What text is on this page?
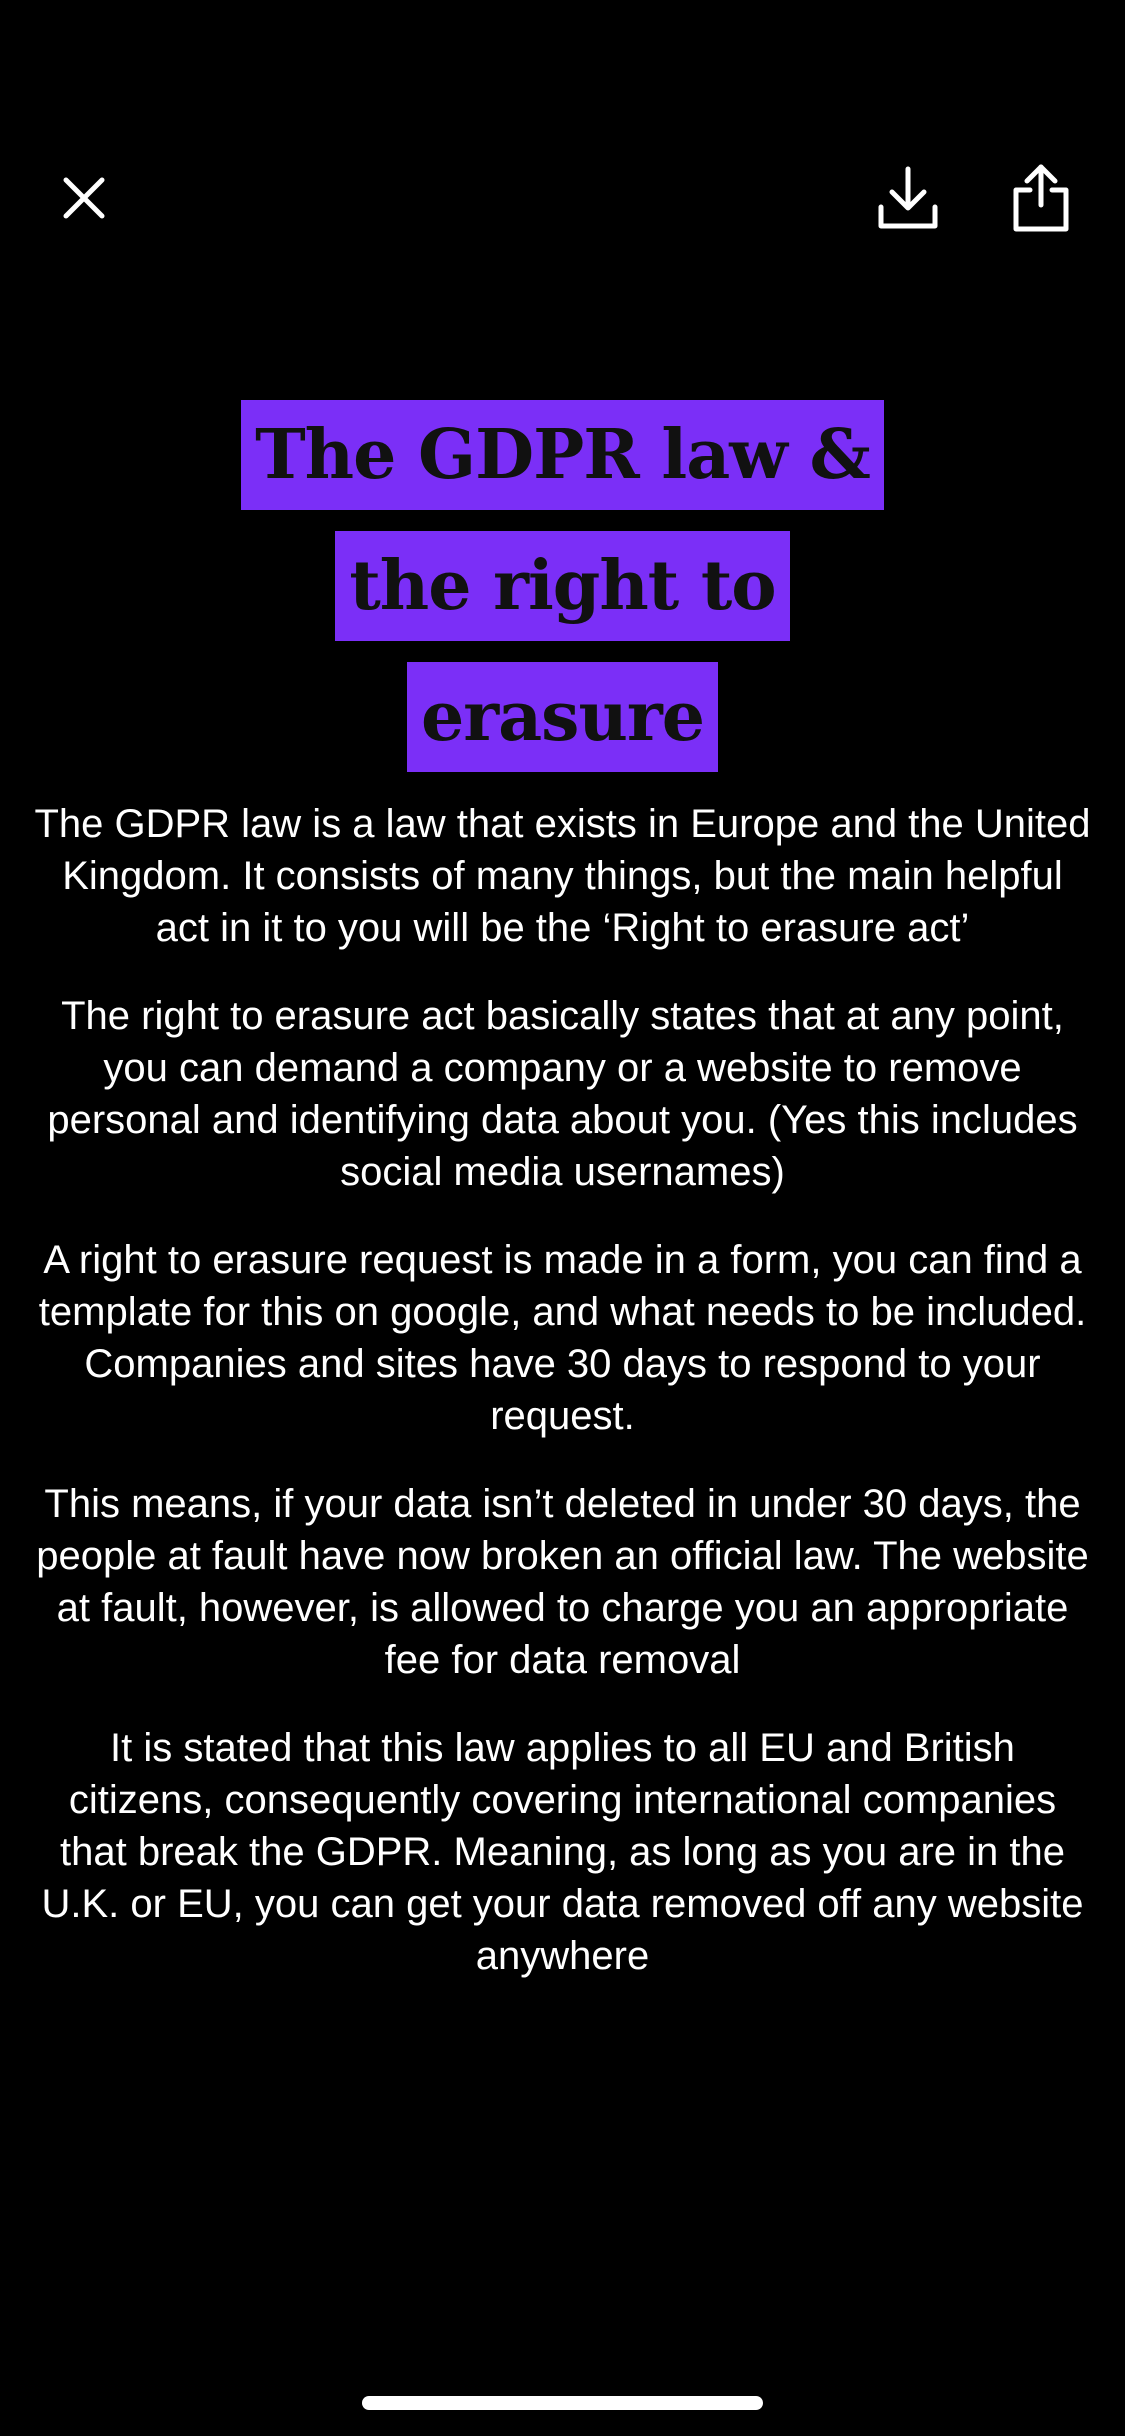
The GDPR law &
the right to
erasure

The GDPR law is a law that exists in Europe and the United Kingdom. It consists of many things, but the main helpful act in it to you will be the ‘Right to erasure act’

The right to erasure act basically states that at any point, you can demand a company or a website to remove personal and identifying data about you. (Yes this includes social media usernames)

A right to erasure request is made in a form, you can find a template for this on google, and what needs to be included. Companies and sites have 30 days to respond to your request.

This means, if your data isn’t deleted in under 30 days, the people at fault have now broken an official law. The website at fault, however, is allowed to charge you an appropriate fee for data removal

It is stated that this law applies to all EU and British citizens, consequently covering international companies that break the GDPR. Meaning, as long as you are in the U.K. or EU, you can get your data removed off any website anywhere
